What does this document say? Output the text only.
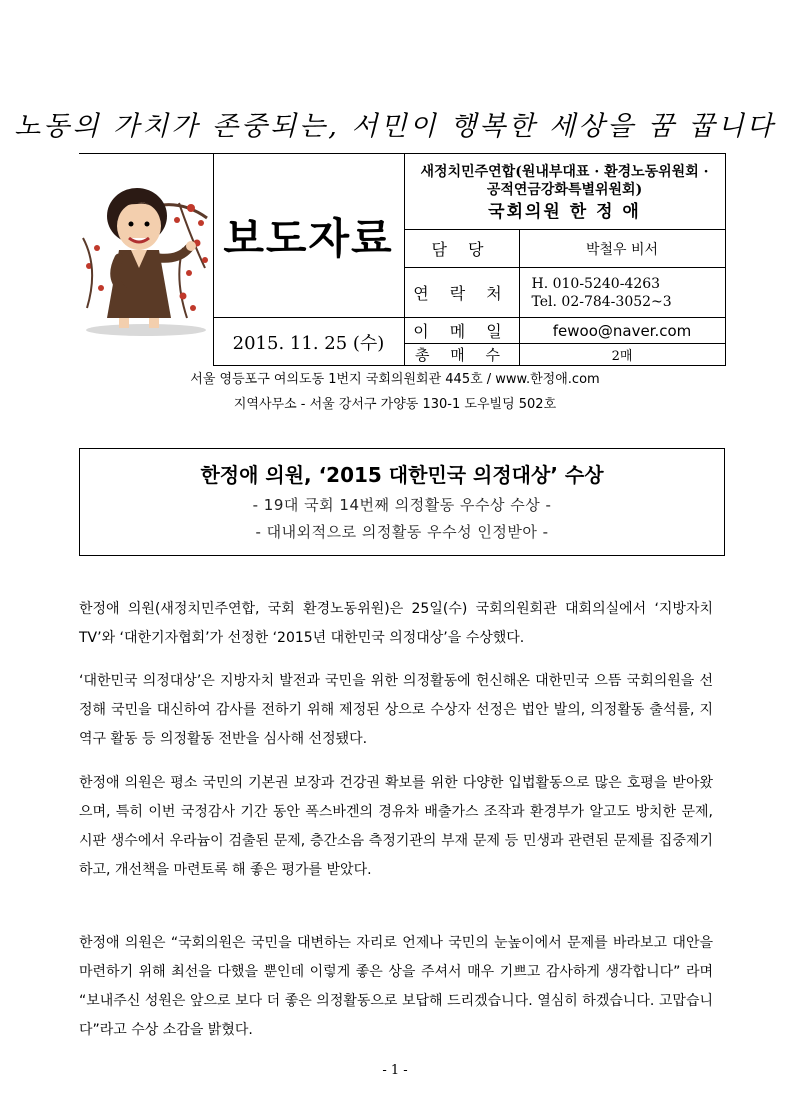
노동의 가치가 존중되는, 서민이 행복한 세상을 꿈 꿉니다
	보도자료	새정치민주연합(원내부대표 · 환경노동위원회 ·
공적연금강화특별위원회)
국회의원 한 정 애	

		담 당	박철우 비서
		연 락 처	H. 010-5240-4263
Tel. 02-784-3052~3

	2015. 11. 25 (수)	이 메 일	fewoo@naver.com
		총 매 수	2매
서울 영등포구 여의도동 1번지 국회의원회관 445호 / www.한정애.com
지역사무소 - 서울 강서구 가양동 130-1 도우빌딩 502호
한정애 의원, ‘2015 대한민국 의정대상’ 수상
- 19대 국회 14번째 의정활동 우수상 수상 -
- 대내외적으로 의정활동 우수성 인정받아 -
한정애 의원(새정치민주연합, 국회 환경노동위원)은 25일(수) 국회의원회관 대회의실에서 ‘지방자치TV’와 ‘대한기자협회’가 선정한 ‘2015년 대한민국 의정대상’을 수상했다.
‘대한민국 의정대상’은 지방자치 발전과 국민을 위한 의정활동에 헌신해온 대한민국 으뜸 국회의원을 선정해 국민을 대신하여 감사를 전하기 위해 제정된 상으로 수상자 선정은 법안 발의, 의정활동 출석률, 지역구 활동 등 의정활동 전반을 심사해 선정됐다.
한정애 의원은 평소 국민의 기본권 보장과 건강권 확보를 위한 다양한 입법활동으로 많은 호평을 받아왔으며, 특히 이번 국정감사 기간 동안 폭스바겐의 경유차 배출가스 조작과 환경부가 알고도 방치한 문제, 시판 생수에서 우라늄이 검출된 문제, 층간소음 측정기관의 부재 문제 등 민생과 관련된 문제를 집중제기하고, 개선책을 마련토록 해 좋은 평가를 받았다.
한정애 의원은 “국회의원은 국민을 대변하는 자리로 언제나 국민의 눈높이에서 문제를 바라보고 대안을 마련하기 위해 최선을 다했을 뿐인데 이렇게 좋은 상을 주셔서 매우 기쁘고 감사하게 생각합니다” 라며 “보내주신 성원은 앞으로 보다 더 좋은 의정활동으로 보답해 드리겠습니다. 열심히 하겠습니다. 고맙습니다”라고 수상 소감을 밝혔다.
- 1 -
